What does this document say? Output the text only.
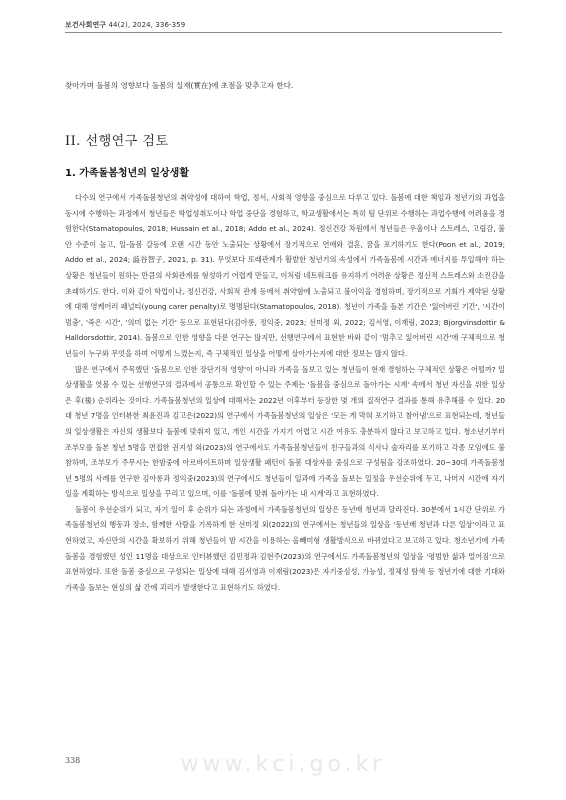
보건사회연구 44(2), 2024, 336-359
찾아가며 돌봄의 영향보다 돌봄의 실재(實在)에 초점을 맞추고자 한다.
II. 선행연구 검토
1. 가족돌봄청년의 일상생활

다수의 연구에서 가족돌봄청년의 취약성에 대하여 학업, 정서, 사회적 영향을 중심으로 다루고 있다. 돌봄에 대한 책임과 청년기의 과업을 동시에 수행하는 과정에서 청년들은 학업성취도이나 학업 중단을 경험하고, 학교생활에서는 특히 팀 단위로 수행하는 과업수행에 어려움을 경험한다(Stamatopoulos, 2018; Hussain et al., 2018; Addo et al., 2024). 정신건강 차원에서 청년들은 우울이나 스트레스, 고립감, 불안 수준이 높고, 일-돌봄 갈등에 오랜 시간 동안 노출되는 상황에서 장기적으로 연애와 결혼, 꿈을 포기하기도 한다(Poon et al., 2019; Addo et al., 2024; 澁谷智子, 2021, p. 31). 무엇보다 또래관계가 활발한 청년기의 속성에서 가족돌봄에 시간과 에너지를 투입해야 하는 상황은 청년들이 원하는 만큼의 사회관계를 형성하기 어렵게 만들고, 이처럼 네트워크를 유지하기 어려운 상황은 정신적 스트레스와 소진감을 초래하기도 한다. 이와 같이 학업이나, 정신건강, 사회적 관계 등에서 취약함에 노출되고 불이익을 경험하며, 장기적으로 기회가 제약된 상황에 대해 영케어러 패널티(young carer penalty)로 명명된다(Stamatopoulos, 2018). 청년이 가족을 돌본 기간은 '잃어버린 기간', '시간이 멈춤', '죽은 시간', '의미 없는 기간' 등으로 표현된다(김아롱, 정익중, 2023; 선미정 외, 2022; 김서영, 이재림, 2023; Bjorgvinsdottir & Halldorsdottir, 2014). 돌봄으로 인한 영향을 다룬 연구는 많지만, 선행연구에서 표현한 바와 같이 '멈추고 잃어버린 시간'에 구체적으로 청년들이 누구와 무엇을 하며 어떻게 느꼈는지, 즉 구체적인 일상을 어떻게 살아가는지에 대한 정보는 많지 않다.

많은 연구에서 주목했던 '돌봄으로 인한 장단기적 영향'이 아니라 가족을 돌보고 있는 청년들이 현재 경험하는 구체적인 상황은 어떨까? 일상생활을 엿볼 수 있는 선행연구의 결과에서 공통으로 확인할 수 있는 주제는 '돌봄을 중심으로 돌아가는 시계' 속에서 청년 자신을 위한 일상은 후(後) 순위라는 것이다. 가족돌봄청년의 일상에 대해서는 2022년 이후부터 등장한 몇 개의 질적연구 결과를 통해 유추해볼 수 있다. 20대 청년 7명을 인터뷰한 최윤진과 김고은(2022)의 연구에서 가족돌봄청년의 일상은 '모든 게 막혀 포기하고 참아냄'으로 표현되는데, 청년들의 일상생활은 자신의 생활보다 돌봄에 맞춰져 있고, 개인 시간을 가지기 어렵고 시간 여유도 충분하지 않다고 보고하고 있다. 청소년기부터 조부모를 돌본 청년 5명을 면접한 권지성 외(2023)의 연구에서도 가족돌봄청년들이 친구들과의 식사나 술자리를 포기하고 각종 모임에도 불참하며, 조부모가 주무시는 한밤중에 아르바이트하며 일상생활 패턴이 돌봄 대상자를 중심으로 구성됨을 강조하였다. 20~30대 가족돌봄청년 5명의 사례를 연구한 김아롱과 정익중(2023)의 연구에서도 청년들이 일과에 가족을 돌보는 일정을 우선순위에 두고, 나머지 시간에 자기 일을 계획하는 방식으로 일상을 꾸리고 있으며, 이를 '돌봄에 맞춰 돌아가는 내 시계'라고 표현하였다.

돌봄이 우선순위가 되고, 자기 일이 후 순위가 되는 과정에서 가족돌봄청년의 일상은 동년배 청년과 달라진다. 30분에서 1시간 단위로 가족돌봄청년의 행동과 장소, 함께한 사람을 기록하게 한 선미정 외(2022)의 연구에서는 청년들의 일상을 '동년배 청년과 다른 일상'이라고 표현하였고, 자신만의 시간을 확보하기 위해 청년들이 밤 시간을 이용하는 올빼미형 생활방식으로 바뀌었다고 보고하고 있다. 청소년기에 가족돌봄을 경험했던 성인 11명을 대상으로 인터뷰했던 김민정과 김현주(2023)의 연구에서도 가족돌봄청년의 일상을 '평범한 삶과 멀어짐'으로 표현하였다. 또한 돌봄 중심으로 구성되는 일상에 대해 김서영과 이재림(2023)은 자기중심성, 가능성, 정체성 탐색 등 청년기에 대한 기대와 가족을 돌보는 현실의 삶 간에 괴리가 발생한다고 표현하기도 하였다.

www.kci.go.kr
338
